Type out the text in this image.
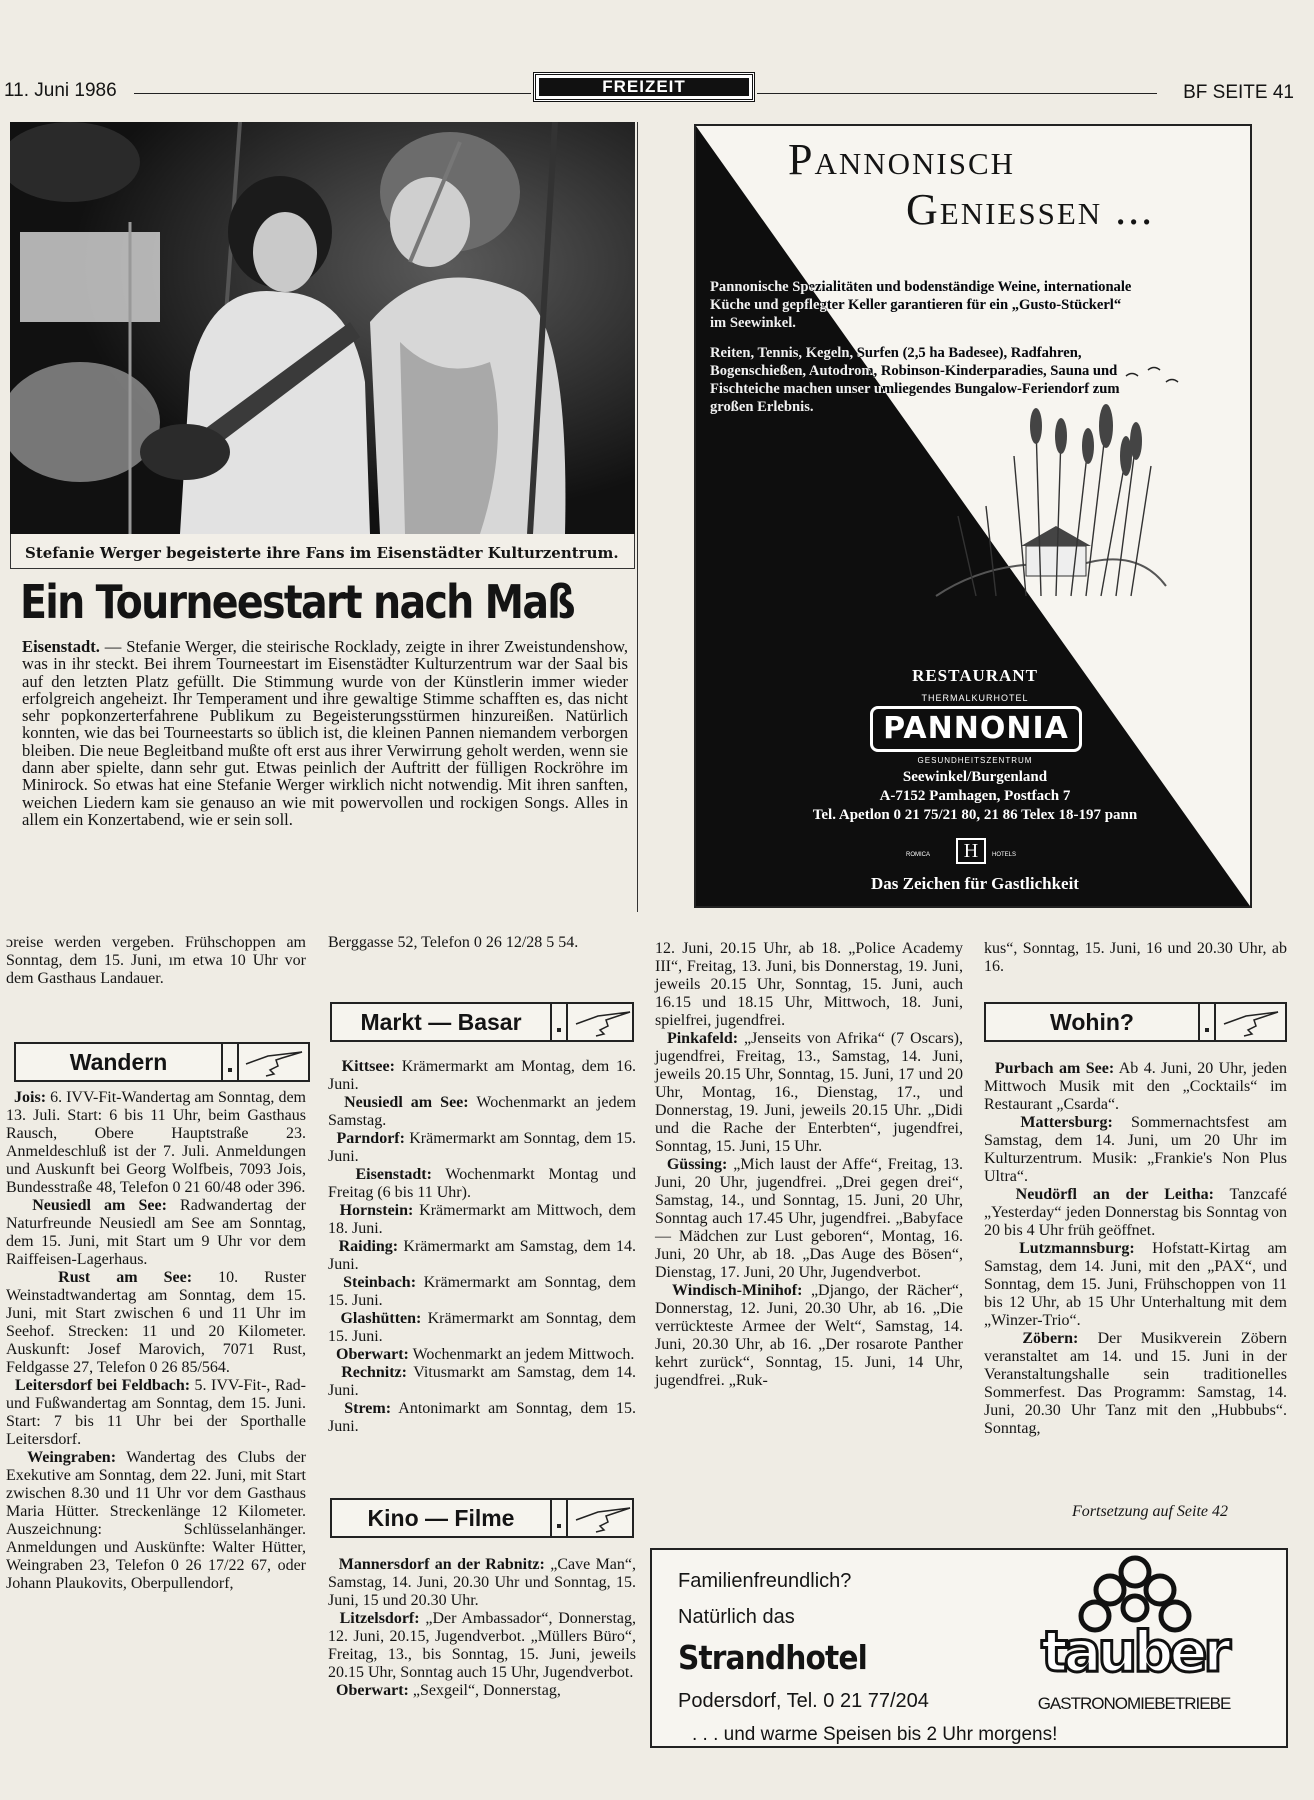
11. Juni 1986	FREIZEIT	BF SEITE 41
Stefanie Werger begeisterte ihre Fans im Eisenstädter Kulturzentrum.
Ein Tourneestart nach Maß
Eisenstadt. — Stefanie Werger, die steirische Rocklady, zeigte in ihrer Zweistundenshow, was in ihr steckt. Bei ihrem Tourneestart im Eisenstädter Kulturzentrum war der Saal bis auf den letzten Platz gefüllt. Die Stimmung wurde von der Künstlerin immer wieder erfolgreich angeheizt. Ihr Temperament und ihre gewaltige Stimme schafften es, das nicht sehr popkonzerterfahrene Publikum zu Begeisterungsstürmen hinzureißen. Natürlich konnten, wie das bei Tourneestarts so üblich ist, die kleinen Pannen niemandem verborgen bleiben. Die neue Begleitband mußte oft erst aus ihrer Verwirrung geholt werden, wenn sie dann aber spielte, dann sehr gut. Etwas peinlich der Auftritt der fülligen Rockröhre im Minirock. So etwas hat eine Stefanie Werger wirklich nicht notwendig. Mit ihren sanften, weichen Liedern kam sie genauso an wie mit powervollen und rockigen Songs. Alles in allem ein Konzertabend, wie er sein soll.
Pannonisch
Geniessen ...
Pannonische Spezialitäten und bodenständige Weine, internationale
Küche und gepflegter Keller garantieren für ein „Gusto-Stückerl“
im Seewinkel.
Reiten, Tennis, Kegeln, Surfen (2,5 ha Badesee), Radfahren,
Bogenschießen, Autodrom, Robinson-Kinderparadies, Sauna und
Fischteiche machen unser umliegendes Bungalow-Feriendorf zum
großen Erlebnis.
RESTAURANT
THERMALKURHOTEL
PANNONIA
GESUNDHEITSZENTRUM
Seewinkel/Burgenland
A-7152 Pamhagen, Postfach 7
Tel. Apetlon 0 21 75/21 80, 21 86 Telex 18-197 pann
ROMICA	H	HOTELS
Das Zeichen für Gastlichkeit

ɔreise werden vergeben. Frühschoppen am Sonntag, dem 15. Juni, ım etwa 10 Uhr vor dem Gasthaus Landauer.

Wandern

Jois: 6. IVV-Fit-Wandertag am Sonntag, dem 13. Juli. Start: 6 bis 11 Uhr, beim Gasthaus Rausch, Obere Hauptstraße 23. Anmeldeschluß ist der 7. Juli. Anmeldungen und Auskunft bei Georg Wolfbeis, 7093 Jois, Bundesstraße 48, Telefon 0 21 60/48 oder 396.

Neusiedl am See: Radwandertag der Naturfreunde Neusiedl am See am Sonntag, dem 15. Juni, mit Start um 9 Uhr vor dem Raiffeisen-Lagerhaus.

Rust am See: 10. Ruster Weinstadtwandertag am Sonntag, dem 15. Juni, mit Start zwischen 6 und 11 Uhr im Seehof. Strecken: 11 und 20 Kilometer. Auskunft: Josef Marovich, 7071 Rust, Feldgasse 27, Telefon 0 26 85/564.

Leitersdorf bei Feldbach: 5. IVV-Fit-, Rad- und Fußwandertag am Sonntag, dem 15. Juni. Start: 7 bis 11 Uhr bei der Sporthalle Leitersdorf.

Weingraben: Wandertag des Clubs der Exekutive am Sonntag, dem 22. Juni, mit Start zwischen 8.30 und 11 Uhr vor dem Gasthaus Maria Hütter. Streckenlänge 12 Kilometer. Auszeichnung: Schlüsselanhänger. Anmeldungen und Auskünfte: Walter Hütter, Weingraben 23, Telefon 0 26 17/22 67, oder Johann Plaukovits, Oberpullendorf,

Berggasse 52, Telefon 0 26 12/28 5 54.

Markt — Basar

Kittsee: Krämermarkt am Montag, dem 16. Juni.

Neusiedl am See: Wochenmarkt an jedem Samstag.

Parndorf: Krämermarkt am Sonntag, dem 15. Juni.

Eisenstadt: Wochenmarkt Montag und Freitag (6 bis 11 Uhr).

Hornstein: Krämermarkt am Mittwoch, dem 18. Juni.

Raiding: Krämermarkt am Samstag, dem 14. Juni.

Steinbach: Krämermarkt am Sonntag, dem 15. Juni.

Glashütten: Krämermarkt am Sonntag, dem 15. Juni.

Oberwart: Wochenmarkt an jedem Mittwoch.

Rechnitz: Vitusmarkt am Samstag, dem 14. Juni.

Strem: Antonimarkt am Sonntag, dem 15. Juni.

Kino — Filme

Mannersdorf an der Rabnitz: „Cave Man“, Samstag, 14. Juni, 20.30 Uhr und Sonntag, 15. Juni, 15 und 20.30 Uhr.

Litzelsdorf: „Der Ambassador“, Donnerstag, 12. Juni, 20.15, Jugendverbot. „Müllers Büro“, Freitag, 13., bis Sonntag, 15. Juni, jeweils 20.15 Uhr, Sonntag auch 15 Uhr, Jugendverbot.

Oberwart: „Sexgeil“, Donnerstag,

12. Juni, 20.15 Uhr, ab 18. „Police Academy III“, Freitag, 13. Juni, bis Donnerstag, 19. Juni, jeweils 20.15 Uhr, Sonntag, 15. Juni, auch 16.15 und 18.15 Uhr, Mittwoch, 18. Juni, spielfrei, jugendfrei.

Pinkafeld: „Jenseits von Afrika“ (7 Oscars), jugendfrei, Freitag, 13., Samstag, 14. Juni, jeweils 20.15 Uhr, Sonntag, 15. Juni, 17 und 20 Uhr, Montag, 16., Dienstag, 17., und Donnerstag, 19. Juni, jeweils 20.15 Uhr. „Didi und die Rache der Enterbten“, jugendfrei, Sonntag, 15. Juni, 15 Uhr.

Güssing: „Mich laust der Affe“, Freitag, 13. Juni, 20 Uhr, jugendfrei. „Drei gegen drei“, Samstag, 14., und Sonntag, 15. Juni, 20 Uhr, Sonntag auch 17.45 Uhr, jugendfrei. „Babyface — Mädchen zur Lust geboren“, Montag, 16. Juni, 20 Uhr, ab 18. „Das Auge des Bösen“, Dienstag, 17. Juni, 20 Uhr, Jugendverbot.

Windisch-Minihof: „Django, der Rächer“, Donnerstag, 12. Juni, 20.30 Uhr, ab 16. „Die verrückteste Armee der Welt“, Samstag, 14. Juni, 20.30 Uhr, ab 16. „Der rosarote Panther kehrt zurück“, Sonntag, 15. Juni, 14 Uhr, jugendfrei. „Ruk-

kus“, Sonntag, 15. Juni, 16 und 20.30 Uhr, ab 16.

Wohin?

Purbach am See: Ab 4. Juni, 20 Uhr, jeden Mittwoch Musik mit den „Cocktails“ im Restaurant „Csarda“.

Mattersburg: Sommernachtsfest am Samstag, dem 14. Juni, um 20 Uhr im Kulturzentrum. Musik: „Frankie's Non Plus Ultra“.

Neudörfl an der Leitha: Tanzcafé „Yesterday“ jeden Donnerstag bis Sonntag von 20 bis 4 Uhr früh geöffnet.

Lutzmannsburg: Hofstatt-Kirtag am Samstag, dem 14. Juni, mit den „PAX“, und Sonntag, dem 15. Juni, Frühschoppen von 11 bis 12 Uhr, ab 15 Uhr Unterhaltung mit dem „Winzer-Trio“.

Zöbern: Der Musikverein Zöbern veranstaltet am 14. und 15. Juni in der Veranstaltungshalle sein traditionelles Sommerfest. Das Programm: Samstag, 14. Juni, 20.30 Uhr Tanz mit den „Hubbubs“. Sonntag,

Fortsetzung auf Seite 42
Familienfreundlich?
Natürlich das
Strandhotel
Podersdorf, Tel. 0 21 77/204
. . . und warme Speisen bis 2 Uhr morgens!
tauber
GASTRONOMIEBETRIEBE
